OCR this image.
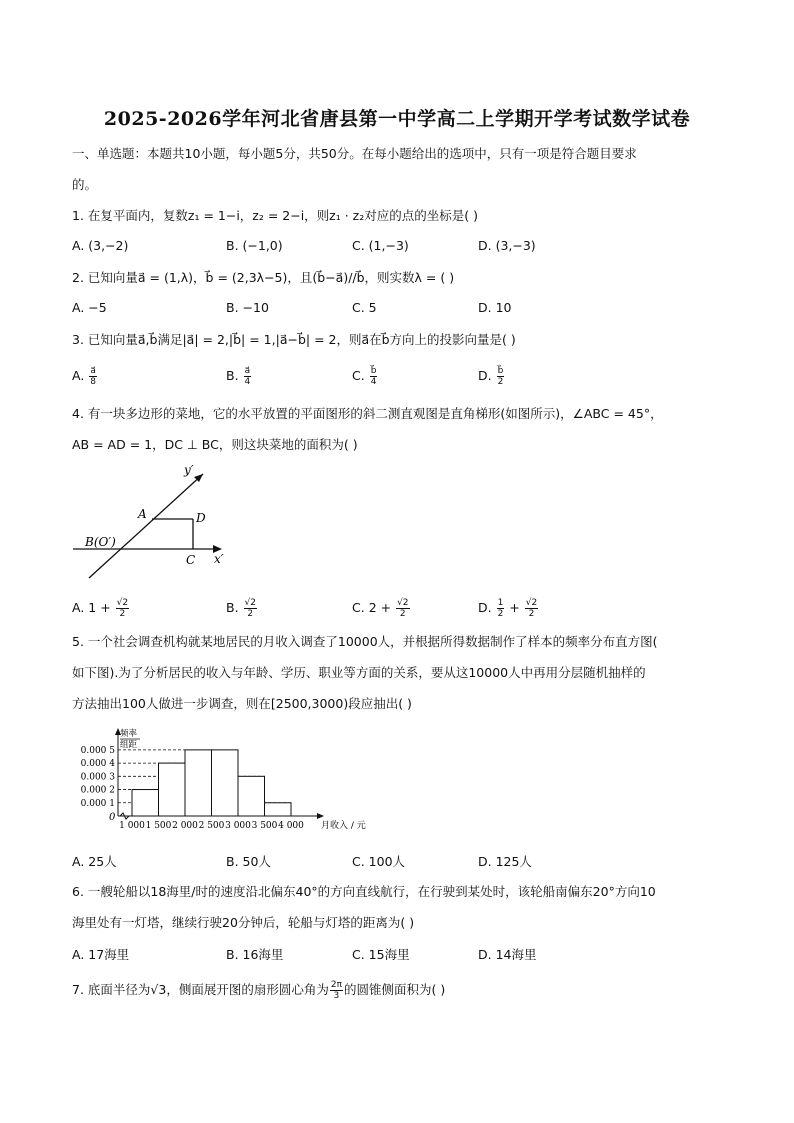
2025-2026学年河北省唐县第一中学高二上学期开学考试数学试卷
一、单选题：本题共10小题，每小题5分，共50分。在每小题给出的选项中，只有一项是符合题目要求
的。
1. 在复平面内，复数z₁ = 1−i，z₂ = 2−i，则z₁ · z₂对应的点的坐标是( )
A. (3,−2)	B. (−1,0)	C. (1,−3)	D. (3,−3)
2. 已知向量a⃗ = (1,λ)，b⃗ = (2,3λ−5)，且(b⃗−a⃗)//b⃗，则实数λ = ( )
A. −5	B. −10	C. 5	D. 10
3. 已知向量a⃗,b⃗满足|a⃗| = 2,|b⃗| = 1,|a⃗−b⃗| = 2，则a⃗在b⃗方向上的投影向量是( )
A. $\frac{a⃗}{8}$	B. $\frac{a⃗}{4}$	C. $\frac{b⃗}{4}$	D. $\frac{b⃗}{2}$
4. 有一块多边形的菜地，它的水平放置的平面图形的斜二测直观图是直角梯形(如图所示)，∠ABC = 45°，
AB = AD = 1，DC ⊥ BC，则这块菜地的面积为( )
y′
x′
A	D
B(O′)
C
A. $1 + \frac{√2}{2}$	B. $\frac{√2}{2}$	C. $2 + \frac{√2}{2}$	D. $\frac{1}{2} + \frac{√2}{2}$
5. 一个社会调查机构就某地居民的月收入调查了10000人，并根据所得数据制作了样本的频率分布直方图(
如下图).为了分析居民的收入与年龄、学历、职业等方面的关系，要从这10000人中再用分层随机抽样的
方法抽出100人做进一步调查，则在[2500,3000)段应抽出( )
0.000 1
0.000 2
0.000 3
0.000 4
0.000 5
1 000 1 500 2 000 2 500 3 000 3 500 4 000
0
频率
组距
月收入 / 元
A. 25人	B. 50人	C. 100人	D. 125人
6. 一艘轮船以18海里/时的速度沿北偏东40°的方向直线航行，在行驶到某处时，该轮船南偏东20°方向10
海里处有一灯塔，继续行驶20分钟后，轮船与灯塔的距离为( )
A. 17海里	B. 16海里	C. 15海里	D. 14海里
7. 底面半径为√3，侧面展开图的扇形圆心角为 $\frac{2\pi}{3}$ 的圆锥侧面积为( )
